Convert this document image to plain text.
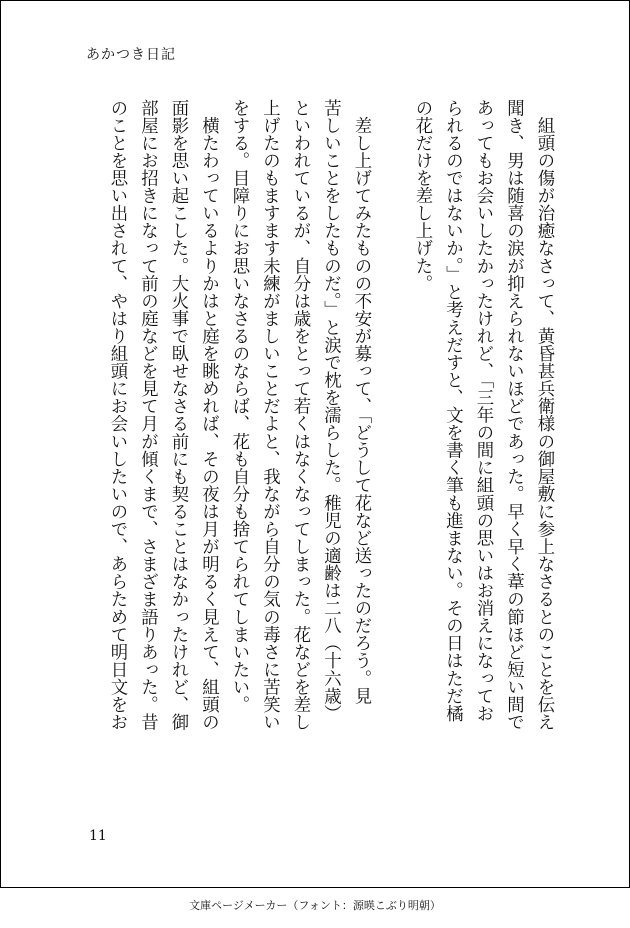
あかつき日記
　組頭の傷が治癒なさって、黄昏甚兵衛様の御屋敷に参上なさるとのことを伝え
聞き、男は随喜の涙が抑えられないほどであった。早く早く葦の節ほど短い間で
あってもお会いしたかったけれど、「三年の間に組頭の思いはお消えになってお
られるのではないか。」と考えだすと、文を書く筆も進まない。その日はただ橘
の花だけを差し上げた。
　差し上げてみたものの不安が募って、「どうして花など送ったのだろう。見
苦しいことをしたものだ。」と涙で枕を濡らした。稚児の適齢は二八（十六歳）
といわれているが、自分は歳をとって若くはなくなってしまった。花などを差し
上げたのもますます未練がましいことだよと、我ながら自分の気の毒さに苦笑い
をする。目障りにお思いなさるのならば、花も自分も捨てられてしまいたい。
　横たわっているよりかはと庭を眺めれば、その夜は月が明るく見えて、組頭の
面影を思い起こした。大火事で臥せなさる前にも契ることはなかったけれど、御
部屋にお招きになって前の庭などを見て月が傾くまで、さまざま語りあった。昔
のことを思い出されて、やはり組頭にお会いしたいので、あらためて明日文をお
11
文庫ページメーカー（フォント：源暎こぶり明朝）
